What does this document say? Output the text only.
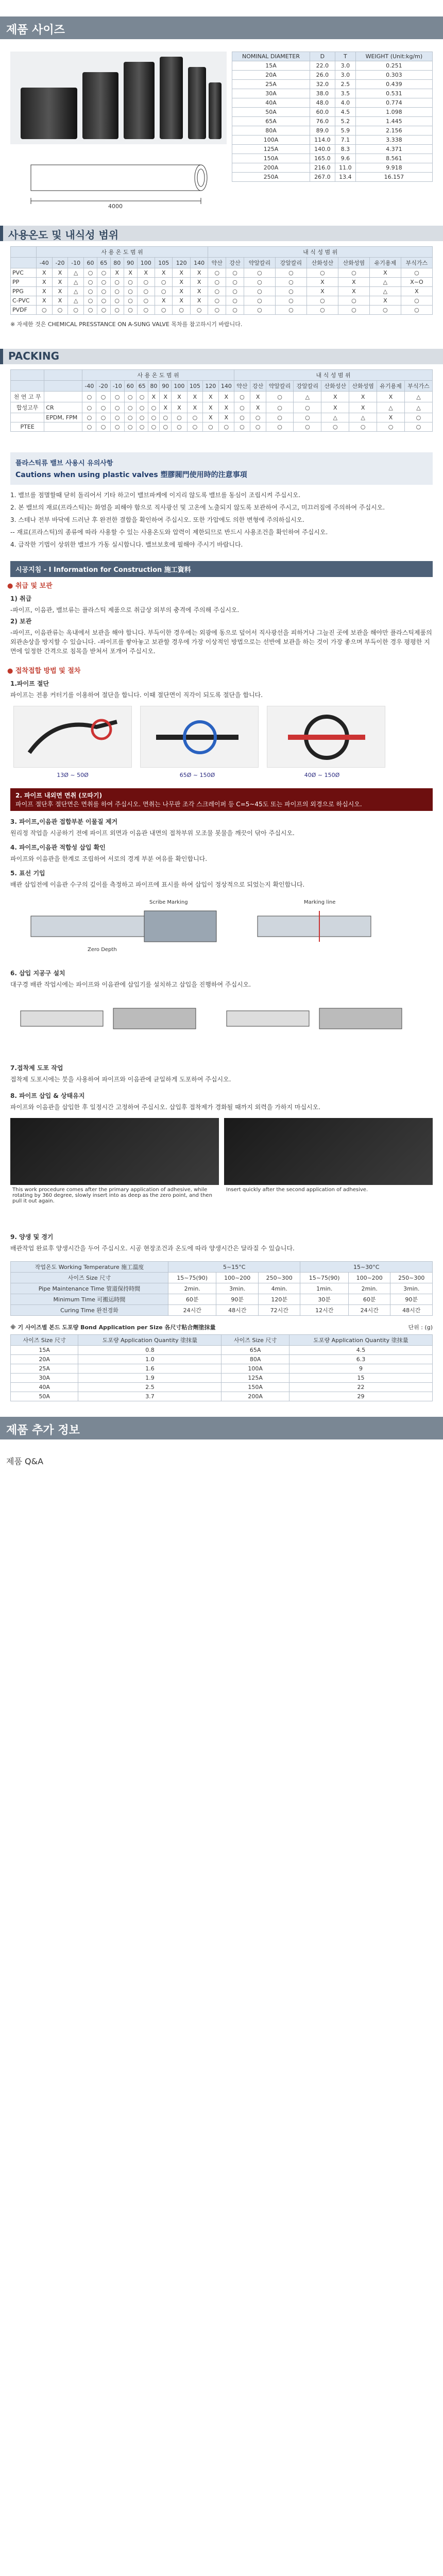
제품 사이즈
4000
NOMINAL DIAMETER	D	T	WEIGHT (Unit:kg/m)
15A	22.0	3.0	0.251
20A	26.0	3.0	0.303
25A	32.0	2.5	0.439
30A	38.0	3.5	0.531
40A	48.0	4.0	0.774
50A	60.0	4.5	1.098
65A	76.0	5.2	1.445
80A	89.0	5.9	2.156
100A	114.0	7.1	3.338
125A	140.0	8.3	4.371
150A	165.0	9.6	8.561
200A	216.0	11.0	9.918
250A	267.0	13.4	16.157
사용온도 및 내식성 범위
	사 용 온 도 범 위											내 식 성 범 위							
	-40	-20	-10	60	65	80	90	100	105	120	140	약산	강산	약알칼리	강알칼리	산화성산	산화성염	유기용제	부식가스
PVC	X	X	△	○	○	X	X	X	X	X	X	○	○	○	○	○	○	X	○
PP	X	X	△	○	○	○	○	○	○	X	X	○	○	○	○	X	X	△	X~O
PPG	X	X	△	○	○	○	○	○	○	X	X	○	○	○	○	X	X	△	X
C-PVC	X	X	△	○	○	○	○	○	X	X	X	○	○	○	○	○	○	X	○
PVDF	○	○	○	○	○	○	○	○	○	○	○	○	○	○	○	○	○	○	○
※ 자세한 것은 CHEMICAL PRESSTANCE ON A-SUNG VALVE 목차를 참고하시기 바랍니다.
PACKING
		사 용 온 도 범 위											내 식 성 범 위							
		-40	-20	-10	60	65	80	90	100	105	120	140	약산	강산	약알칼리	강알칼리	산화성산	산화성염	유기용제	부식가스
천 연 고 무		○	○	○	○	○	X	X	X	X	X	X	○	X	○	△	X	X	X	△
합성고무	CR	○	○	○	○	○	○	X	X	X	X	X	○	X	○	○	X	X	△	△
	EPDM, FPM	○	○	○	○	○	○	○	○	○	X	X	○	○	○	○	△	△	X	○
PTEE		○	○	○	○	○	○	○	○	○	○	○	○	○	○	○	○	○	○	○
플라스틱류 밸브 사용시 유의사항
Cautions when using plastic valves 塑膠閥門使用時的注意事項
1. 밸브를 점멸할때 닫히 돌리어서 기타 하고이 밸브파케에 이지리 않도록 밸브를 동심이 조립시켜 주십시오.
2. 본 밸브의 재료(프라스틱)는 화염을 피해야 함으로 직사광선 및 고온에 노출되지 않도록 보관하여 주시고, 미끄러짐에 주의하여 주십시오.
3. 스테나 전부 바닥에 드러난 후 완전한 결합을 확인하여 주십시오. 또한 가압에도 의한 변형에 주의하십시오.
-- 재료(프라스틱)의 종류에 따라 사용할 수 있는 사용온도와 압력이 제한되므로 반드시 사용조건을 확인하여 주십시오.
4. 급작한 기법이 상위한 밸브가 가동 실시합니다. 밸브보호에 필해야 주시기 바랍니다.
시공지침 - I Information for Construction 施工資料
● 취급 및 보관
1) 취급
-파이프, 이음관, 밸브류는 플라스틱 제품으로 취급상 외부의 충격에 주의해 주십시오.
2) 보관
-파이프, 이음관류는 옥내에서 보관을 해야 합니다. 부득이한 경우에는 외광에 동으로 덮어서 직사광선을 피하거나 그늘진 곳에 보관을 해야만 플라스틱제품의 외관손상을 방지할 수 있습니다. -파이프를 쌓아놓고 보관할 경우에 가장 이상적인 방법으로는 선반에 보관을 하는 것이 가장 좋으며 부득이한 경우 평평한 지면에 일정한 간격으로 침목을 받쳐서 포개어 주십시오.
● 접착접합 방법 및 절차
1.파이프 절단
파이프는 전용 커터기를 이용하여 절단을 합니다. 이때 절단면이 직각이 되도록 절단을 합니다.

13Ø ~ 50Ø	65Ø ~ 150Ø	40Ø ~ 150Ø
2. 파이프 내외면 면취 (모따기)
파이프 절단후 절단면은 면취를 하여 주십시오. 면취는 나무판 조각 스크레이퍼 등 C=5~45도 또는 파이프의 외경으로 하십시오.
3. 파이프,이음관 접합부분 이물질 제거
원리정 작업을 시공하기 전에 파이프 외면과 이음관 내면의 접착부위 모조물 봇물을 깨끗이 닦아 주십시오.
4. 파이프,이음관 적합성 삽입 확인
파이프와 이음관을 한계로 조립하여 서로의 경계 부분 여유를 확인합니다.
5. 표선 기입
배관 삽입전에 이음관 수구의 깊이를 측정하고 파이프에 표시를 하여 삽입이 정상적으로 되었는지 확인합니다.
Scribe Marking
Zero Depth
Marking line
6. 삽입 지공구 설치
대구경 배관 작업시에는 파이프와 이음관에 삽입기를 설치하고 삽입을 진행하여 주십시오.
7.접착제 도포 작업
접착제 도포시에는 붓을 사용하여 파이프와 이음관에 균일하게 도포하여 주십시오.
8. 파이프 삽입 & 상태유지
파이프와 이음관을 삽입한 후 일정시간 고정하여 주십시오. 삽입후 접착제가 경화될 때까지 외력을 가하지 마십시오.
This work procedure comes after the primary application of adhesive, while rotating by 360 degree, slowly insert into as deep as the zero point, and then pull it out again.
Insert quickly after the second application of adhesive.
9. 양생 및 경기
배관작업 완료후 양생시간을 두어 주십시오. 시공 현장조건과 온도에 따라 양생시간은 달라질 수 있습니다.
작업온도 Working Temperature 施工溫度	5~15°C			15~30°C		
사이즈 Size 尺寸	15~75(90)	100~200	250~300	15~75(90)	100~200	250~300
Pipe Maintenance Time 管道保持時間	2min.	3min.	4min.	1min.	2min.	3min.
Minimum Time 可搬运時間	60분	90분	120분	30분	60분	90분
Curing Time 완전경화	24시간	48시간	72시간	12시간	24시간	48시간
※ 기 사이즈별 본드 도포량 Bond Application per Size 各尺寸粘合劑塗抹量	단위 : (g)
사이즈 Size 尺寸	도포량 Application Quantity 塗抹量	사이즈 Size 尺寸	도포량 Application Quantity 塗抹量
15A	0.8	65A	4.5
20A	1.0	80A	6.3
25A	1.6	100A	9
30A	1.9	125A	15
40A	2.5	150A	22
50A	3.7	200A	29
제품 추가 정보
제품 Q&A
